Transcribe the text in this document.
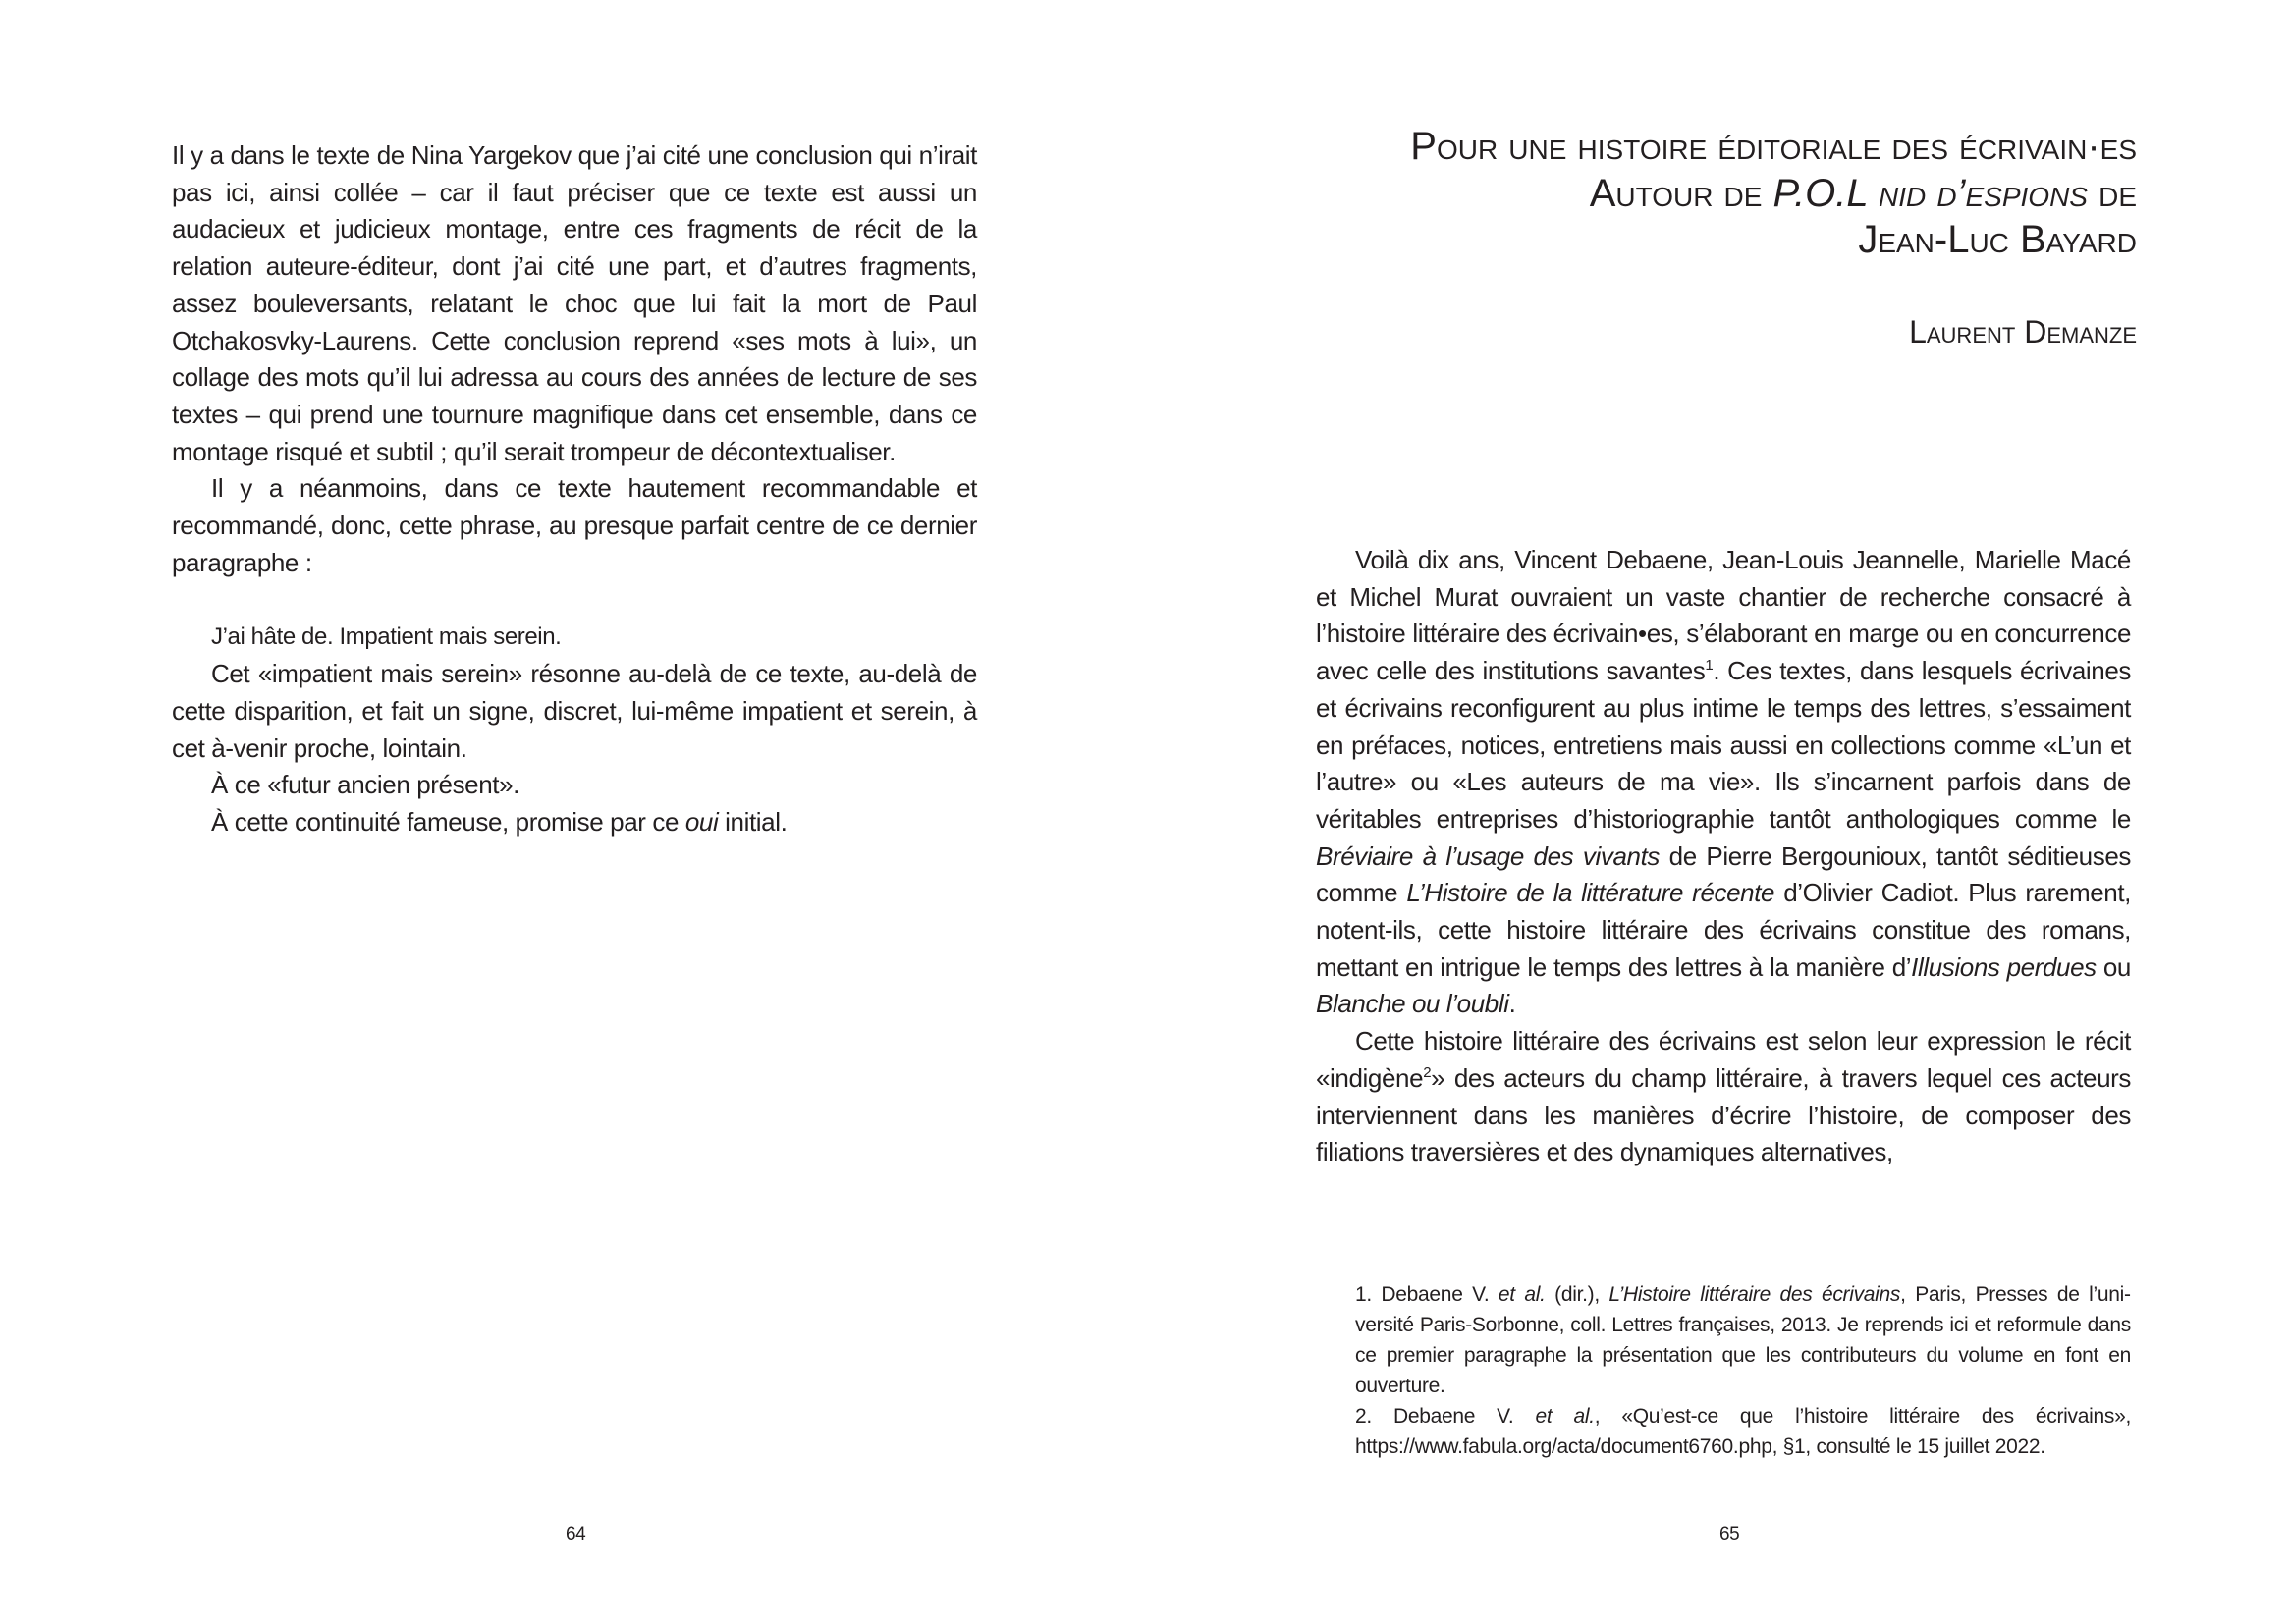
Il y a dans le texte de Nina Yargekov que j’ai cité une conclusion qui n’irait pas ici, ainsi collée – car il faut préciser que ce texte est aussi un audacieux et judicieux montage, entre ces fragments de récit de la relation auteure-éditeur, dont j’ai cité une part, et d’autres fragments, assez bouleversants, relatant le choc que lui fait la mort de Paul Otchakosvky-Laurens. Cette conclusion reprend «ses mots à lui», un collage des mots qu’il lui adressa au cours des années de lecture de ses textes – qui prend une tournure magnifique dans cet ensemble, dans ce montage risqué et subtil ; qu’il serait trompeur de décontextualiser.

Il y a néanmoins, dans ce texte hautement recommandable et recommandé, donc, cette phrase, au presque parfait centre de ce dernier paragraphe :

J’ai hâte de. Impatient mais serein.

Cet «impatient mais serein» résonne au-delà de ce texte, au-delà de cette disparition, et fait un signe, discret, lui-même impatient et serein, à cet à-venir proche, lointain.

À ce «futur ancien présent».

À cette continuité fameuse, promise par ce oui initial.

64
Pour une histoire éditoriale des écrivain·es
Autour de P.O.L nid d’espions de
Jean-Luc Bayard
Laurent Demanze

Voilà dix ans, Vincent Debaene, Jean-Louis Jeannelle, Marielle Macé et Michel Murat ouvraient un vaste chantier de recherche consacré à l’histoire littéraire des écrivain•es, s’élaborant en marge ou en concurrence avec celle des institutions savantes$^1$. Ces textes, dans lesquels écrivaines et écrivains reconfigurent au plus intime le temps des lettres, s’essaiment en préfaces, notices, entretiens mais aussi en collections comme «L’un et l’autre» ou «Les auteurs de ma vie». Ils s’incarnent parfois dans de véritables entreprises d’historiographie tantôt anthologiques comme le Bréviaire à l’usage des vivants de Pierre Bergounioux, tantôt séditieuses comme L’Histoire de la littérature récente d’Olivier Cadiot. Plus rarement, notent-ils, cette histoire littéraire des écrivains constitue des romans, mettant en intrigue le temps des lettres à la manière d’Illusions perdues ou Blanche ou l’oubli.

Cette histoire littéraire des écrivains est selon leur expression le récit «indigène$^2$» des acteurs du champ littéraire, à travers lequel ces acteurs interviennent dans les manières d’écrire l’histoire, de composer des filiations traversières et des dynamiques alternatives,

1. Debaene V. et al. (dir.), L’Histoire littéraire des écrivains, Paris, Presses de l’université Paris-Sorbonne, coll. Lettres françaises, 2013. Je reprends ici et reformule dans ce premier paragraphe la présentation que les contributeurs du volume en font en ouverture.

2. Debaene V. et al., «Qu’est-ce que l’histoire littéraire des écrivains», https://www.fabula.org/acta/document6760.php, §1, consulté le 15 juillet 2022.

65
